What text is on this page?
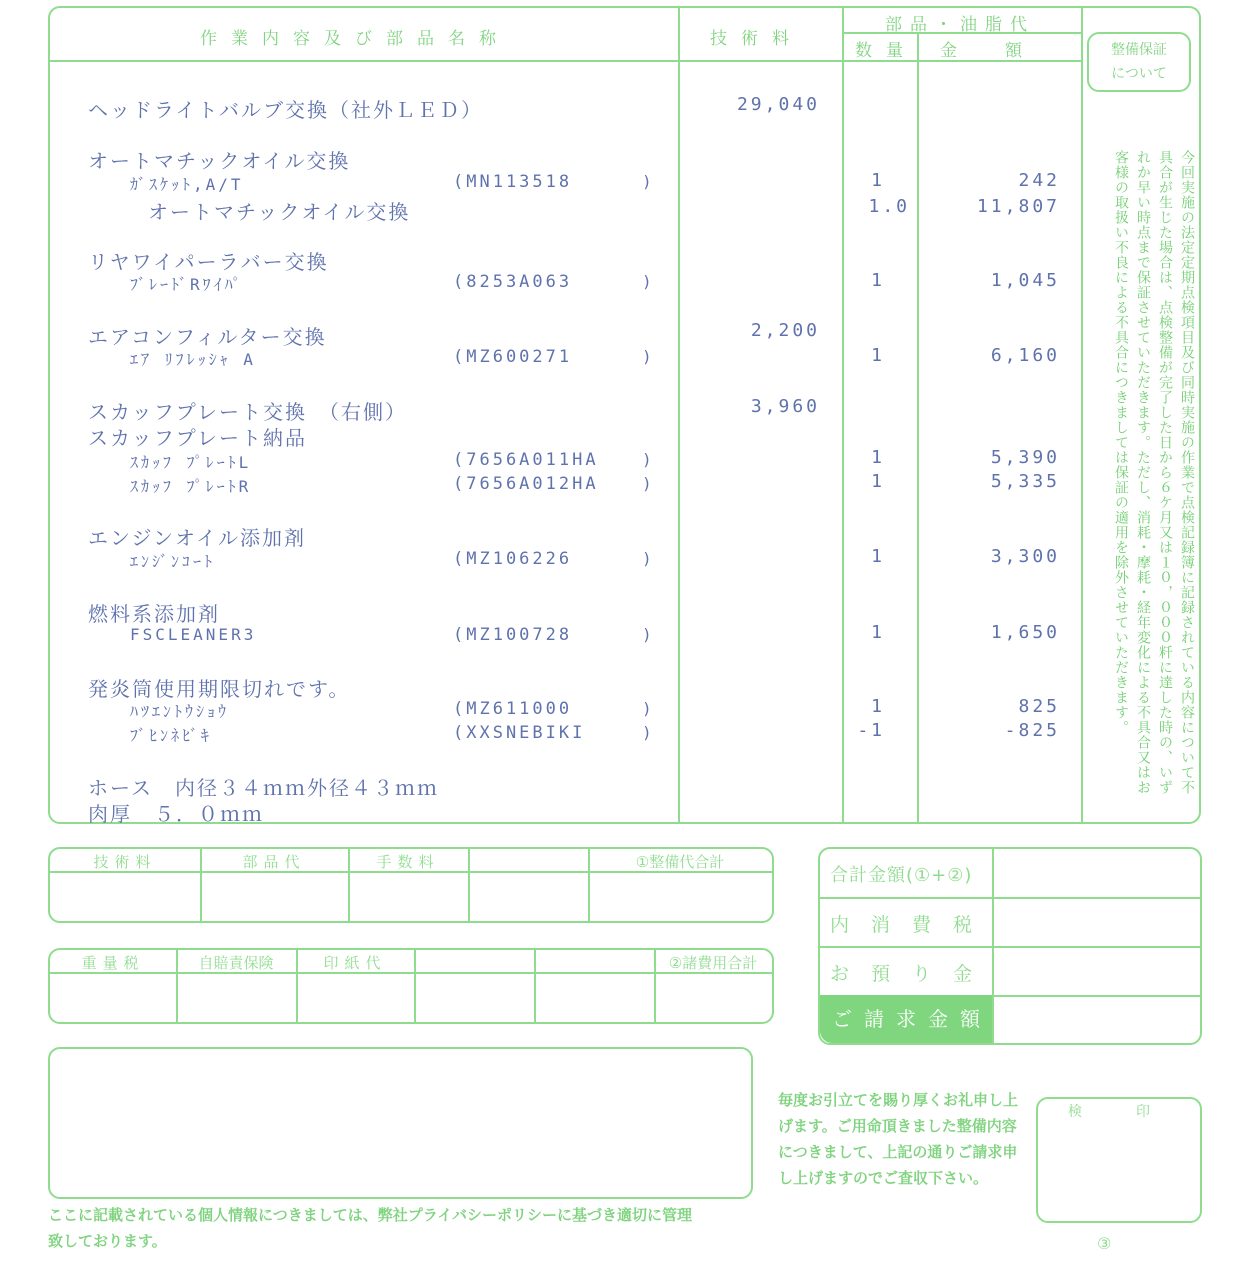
作業内容及び部品名称	技術料
部品・油脂代
数量 金額	整備保証
について
今回実施の法定定期点検項目及び同時実施の作業で点検記録簿に記録されている内容について不具合が生じた場合は、点検整備が完了した日から６ケ月又は１０，０００粁に達した時の、いずれか早い時点まで保証させていただきます。ただし、消耗・摩耗・経年変化による不具合又はお客様の取扱い不良による不具合につきましては保証の適用を除外させていただきます。
ヘッドライトバルブ交換（社外ＬＥＤ）	29,040
オートマチックオイル交換
ｶﾞｽｹｯﾄ,A/T	(MN113518	)	1	242
オートマチックオイル交換	1.0	11,807
リヤワイパーラバー交換
ﾌﾞﾚｰﾄﾞRﾜｲﾊﾟ	(8253A063	)	1	1,045
エアコンフィルター交換	2,200
ｴｱ ﾘﾌﾚｯｼｬ A	(MZ600271	)	1	6,160
スカッフプレート交換　（右側）	3,960
スカッフプレート納品
ｽｶｯﾌ ﾌﾟﾚｰﾄL	(7656A011HA	)	1	5,390
ｽｶｯﾌ ﾌﾟﾚｰﾄR	(7656A012HA	)	1	5,335
エンジンオイル添加剤
ｴﾝｼﾞﾝｺｰﾄ	(MZ106226	)	1	3,300
燃料系添加剤
FSCLEANER3	(MZ100728	)	1	1,650
発炎筒使用期限切れです。
ﾊﾂｴﾝﾄｳｼｮｳ	(MZ611000	)	1	825
ﾌﾞﾋﾝﾈﾋﾞｷ	(XXSNEBIKI	)	-1	-825
ホース　内径３４ｍｍ外径４３ｍｍ
肉厚　５．０ｍｍ
技術料	部品代	手数料	①整備代合計
重量税	自賠責保険	印紙代	②諸費用合計
合計金額(①+②)
内消費税
お預り金
ご請求金額
ここに記載されている個人情報につきましては、弊社プライバシーポリシーに基づき適切に管理致しております。
毎度お引立てを賜り厚くお礼申し上げます。ご用命頂きました整備内容につきまして、上記の通りご請求申し上げますのでご査収下さい。
検　印
③
